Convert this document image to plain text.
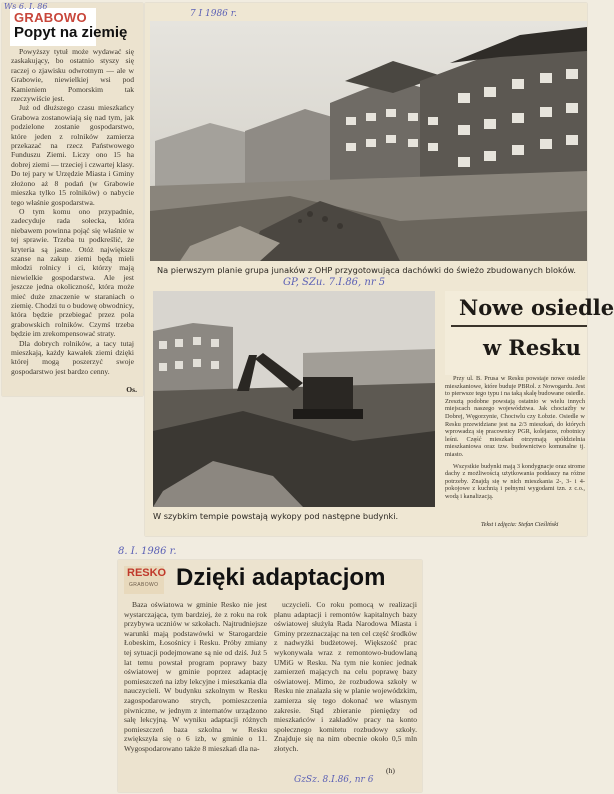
GRABOWO
Ws 6. I. 86
Popyt na ziemię

Powyższy tytuł może wydawać się zaskakujący, bo ostatnio styszy się raczej o zjawisku odwrotnym — ale w Grabowie, niewielkiej wsi pod Kamieniem Pomorskim tak rzeczywiście jest.

Już od dłuższego czasu mieszkańcy Grabowa zostanowiają się nad tym, jak podzielone zostanie gospodarstwo, które jeden z rolników zamierza przekazać na rzecz Państwowego Funduszu Ziemi. Liczy ono 15 ha dobrej ziemi — trzeciej i czwartej klasy. Do tej pary w Urzędzie Miasta i Gminy złożono aż 8 podań (w Grabowie mieszka tylko 15 rolników) o nabycie tego właśnie gospodarstwa.

O tym komu ono przypadnie, zadecyduje rada sołecka, która niebawem powinna pojąć się właśnie w tej sprawie. Trzeba tu podkreślić, że kryteria są jasne. Otóż największe szanse na zakup ziemi będą mieli młodzi rolnicy i ci, którzy mają niewielkie gospodarstwa. Ale jest jeszcze jedna okoliczność, która może mieć duże znaczenie w staraniach o ziemię. Chodzi tu o budowę obwodnicy, która będzie przebiegać przez pola grabowskich rolników. Czymś trzeba będzie im zrekompensować straty.

Dla dobrych rolników, a tacy tutaj mieszkają, każdy kawałek ziemi dzięki której mogą poszerzyć swoje gospodarstwo jest bardzo cenny.

Os.
7 I 1986 r.
Na pierwszym planie grupa junaków z OHP przygotowująca dachówki do świeżo zbudowanych bloków.
GP, SZu. 7.I.86, nr 5
W szybkim tempie powstają wykopy pod następne budynki.
Nowe osiedle
w Resku

Przy ul. B. Prusa w Resku powstaje nowe osiedle mieszkaniowe, które buduje PBRol. z Nowogardu. Jest to pierwsze tego typu i na taką skalę budowane osiedle. Zresztą podobne powstają ostatnio w wielu innych miejscach naszego województwa. Jak chociażby w Dobrej, Węgorzynie, Chociwlu czy Łobzie. Osiedle w Resku przewidziane jest na 2/3 mieszkań, do których wprowadzą się pracownicy PGR, kolejarze, robotnicy leśni. Część mieszkań otrzymają spółdzielnia mieszkaniowa oraz tzw. budownictwo komunalne tj. miasto.

Wszystkie budynki mają 3 kondygnacje oraz strome dachy z możliwością użytkowania poddaszy na różne potrzeby. Znajdą się w nich mieszkania 2-, 3- i 4-pokojowe z kuchnią i pełnymi wygodami tzn. z c.o., wodą i kanalizacją.

Tekst i zdjęcia: Stefan Cieśliński
8. I. 1986 r.
RESKO
GRABOWO Dzięki adaptacjom

Baza oświatowa w gminie Resko nie jest wystarczająca, tym bardziej, że z roku na rok przybywa uczniów w szkołach. Najtrudniejsze warunki mają podstawówki w Starogardzie Łobeskim, Łosośnicy i Resku. Próby zmiany tej sytuacji podejmowane są nie od dziś. Już 5 lat temu powstał program poprawy bazy oświatowej w gminie poprzez adaptację pomieszczeń na izby lekcyjne i mieszkania dla nauczycieli. W budynku szkolnym w Resku zagospodarowano strych, pomieszczenia piwniczne, w jednym z internatów urządzono salę lekcyjną. W wyniku adaptacji różnych pomieszczeń baza szkolna w Resku zwiększyła się o 6 izb, w gminie o 11. Wygospodarowano także 8 mieszkań dla na-

uczycieli. Co roku pomocą w realizacji planu adaptacji i remontów kapitalnych bazy oświatowej służyła Rada Narodowa Miasta i Gminy przeznaczając na ten cel część środków z nadwyżki budżetowej. Większość prac wykonywała wraz z remontowo-budowlaną UMiG w Resku. Na tym nie koniec jednak zamierzeń mających na celu poprawę bazy oświatowej. Mimo, że rozbudowa szkoły w Resku nie znalazła się w planie wojewódzkim, zamierza się tego dokonać we własnym zakresie. Stąd zbieranie pieniędzy od mieszkańców i zakładów pracy na konto społecznego komitetu rozbudowy szkoły. Znajduje się na nim obecnie około 0,5 mln złotych.

(h)
GzSz. 8.I.86, nr 6
